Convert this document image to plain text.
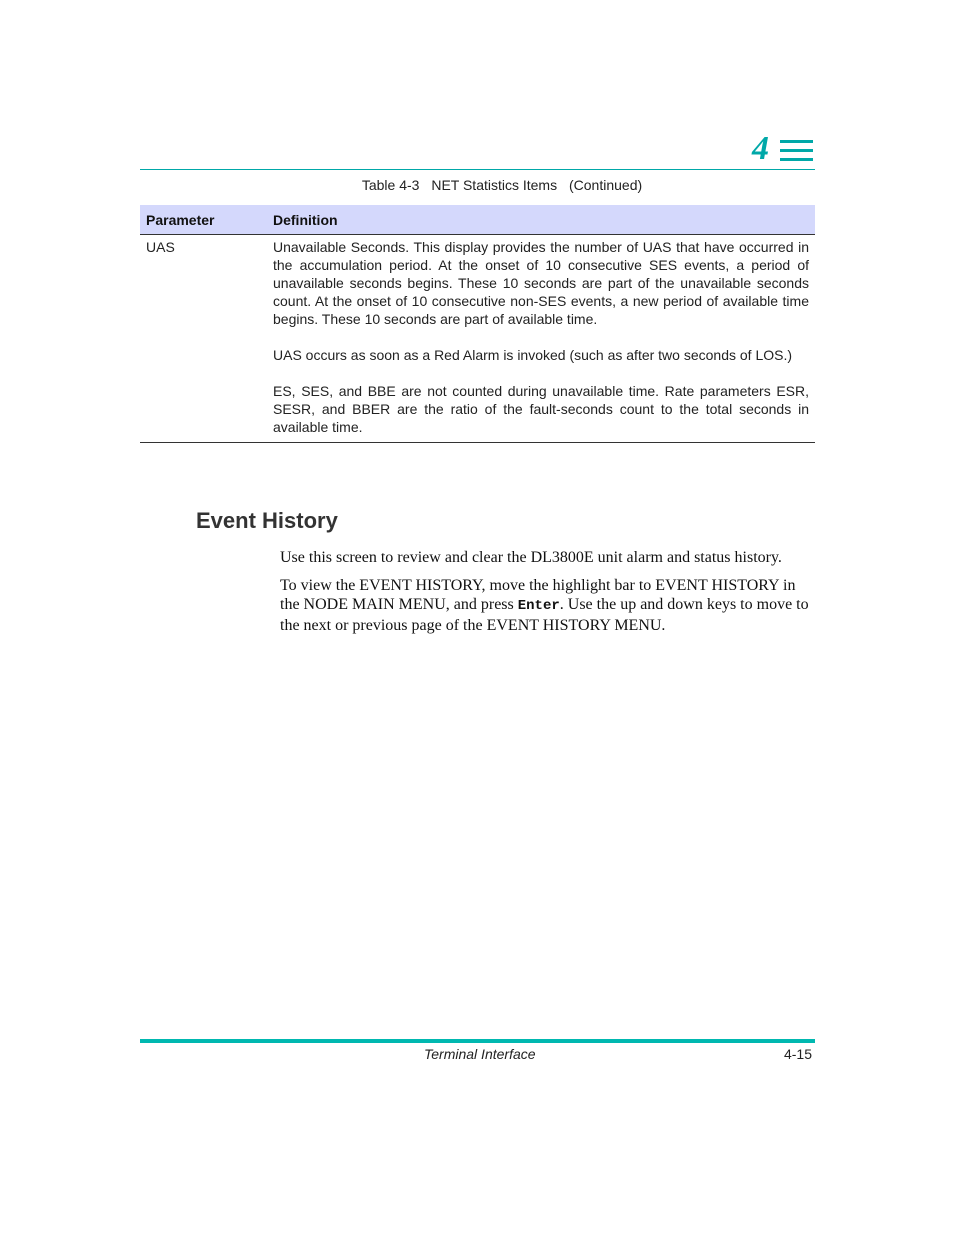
4
Table 4-3 NET Statistics Items (Continued)
Parameter	Definition
UAS	Unavailable Seconds. This display provides the number of UAS that have occurred in the accumulation period. At the onset of 10 consecutive SES events, a period of unavailable seconds begins. These 10 seconds are part of the unavailable seconds count. At the onset of 10 consecutive non-SES events, a new period of available time begins. These 10 seconds are part of available time.

UAS occurs as soon as a Red Alarm is invoked (such as after two seconds of LOS.)

ES, SES, and BBE are not counted during unavailable time. Rate parameters ESR, SESR, and BBER are the ratio of the fault-seconds count to the total seconds in available time.

Event History

Use this screen to review and clear the DL3800E unit alarm and status history.

To view the EVENT HISTORY, move the highlight bar to EVENT HISTORY in the NODE MAIN MENU, and press Enter. Use the up and down keys to move to the next or previous page of the EVENT HISTORY MENU.

Terminal Interface	4-15
